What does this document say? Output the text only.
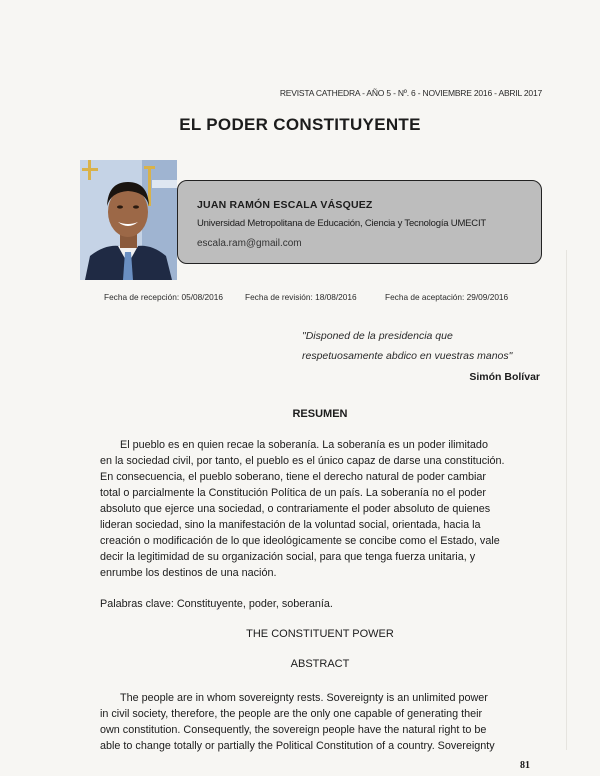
REVISTA CATHEDRA - AÑO 5 - Nº. 6 - NOVIEMBRE 2016 - ABRIL 2017
EL PODER CONSTITUYENTE
JUAN RAMÓN ESCALA VÁSQUEZ
Universidad Metropolitana de Educación, Ciencia y Tecnología UMECIT
escala.ram@gmail.com
Fecha de recepción: 05/08/2016	Fecha de revisión: 18/08/2016	Fecha de aceptación: 29/09/2016
"Disponed de la presidencia que
respetuosamente abdico en vuestras manos"
Simón Bolívar
RESUMEN
El pueblo es en quien recae la soberanía. La soberanía es un poder ilimitado
en la sociedad civil, por tanto, el pueblo es el único capaz de darse una constitución.
En consecuencia, el pueblo soberano, tiene el derecho natural de poder cambiar
total o parcialmente la Constitución Política de un país. La soberanía no el poder
absoluto que ejerce una sociedad, o contrariamente el poder absoluto de quienes
lideran sociedad, sino la manifestación de la voluntad social, orientada, hacia la
creación o modificación de lo que ideológicamente se concibe como el Estado, vale
decir la legitimidad de su organización social, para que tenga fuerza unitaria, y
enrumbe los destinos de una nación.
Palabras clave: Constituyente, poder, soberanía.
THE CONSTITUENT POWER
ABSTRACT
The people are in whom sovereignty rests. Sovereignty is an unlimited power
in civil society, therefore, the people are the only one capable of generating their
own constitution. Consequently, the sovereign people have the natural right to be
able to change totally or partially the Political Constitution of a country. Sovereignty
81
